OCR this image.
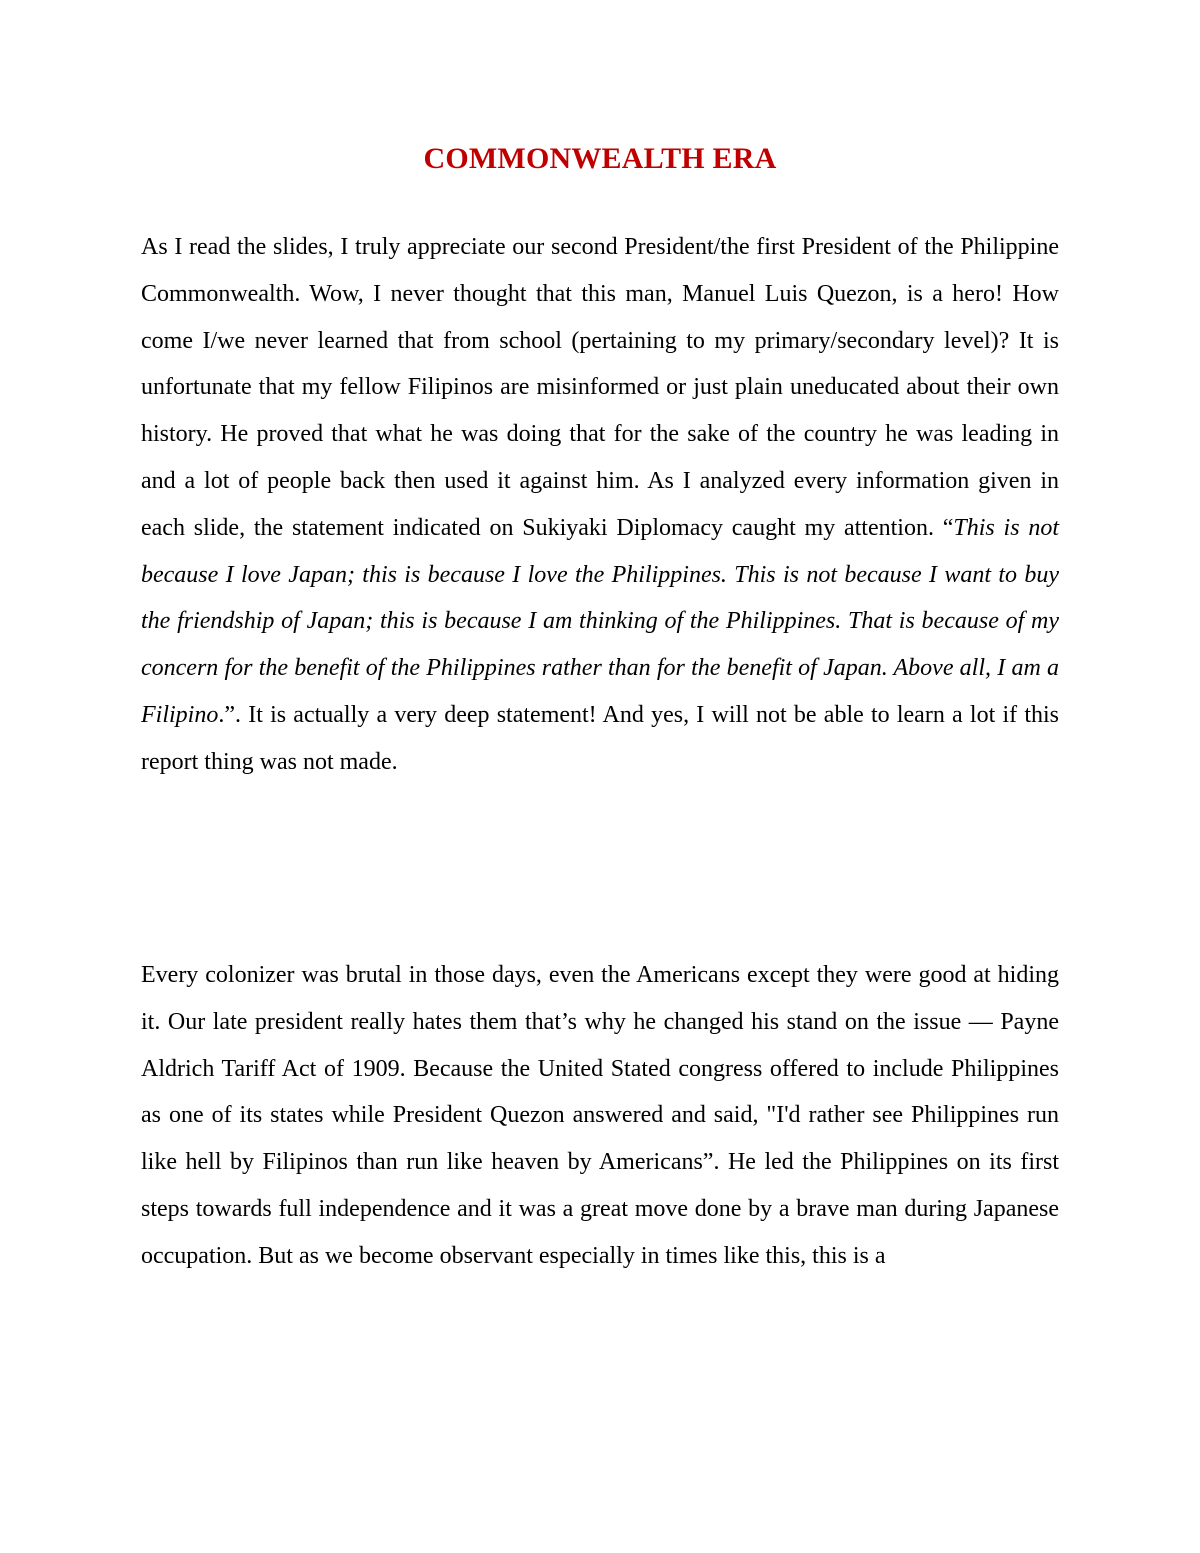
COMMONWEALTH ERA

As I read the slides, I truly appreciate our second President/the first President of the Philippine Commonwealth. Wow, I never thought that this man, Manuel Luis Quezon, is a hero! How come I/we never learned that from school (pertaining to my primary/secondary level)? It is unfortunate that my fellow Filipinos are misinformed or just plain uneducated about their own history. He proved that what he was doing that for the sake of the country he was leading in and a lot of people back then used it against him. As I analyzed every information given in each slide, the statement indicated on Sukiyaki Diplomacy caught my attention. “This is not because I love Japan; this is because I love the Philippines. This is not because I want to buy the friendship of Japan; this is because I am thinking of the Philippines. That is because of my concern for the benefit of the Philippines rather than for the benefit of Japan. Above all, I am a Filipino.”. It is actually a very deep statement! And yes, I will not be able to learn a lot if this report thing was not made.

Every colonizer was brutal in those days, even the Americans except they were good at hiding it. Our late president really hates them that’s why he changed his stand on the issue — Payne Aldrich Tariff Act of 1909. Because the United Stated congress offered to include Philippines as one of its states while President Quezon answered and said, "I'd rather see Philippines run like hell by Filipinos than run like heaven by Americans”. He led the Philippines on its first steps towards full independence and it was a great move done by a brave man during Japanese occupation. But as we become observant especially in times like this, this is a
